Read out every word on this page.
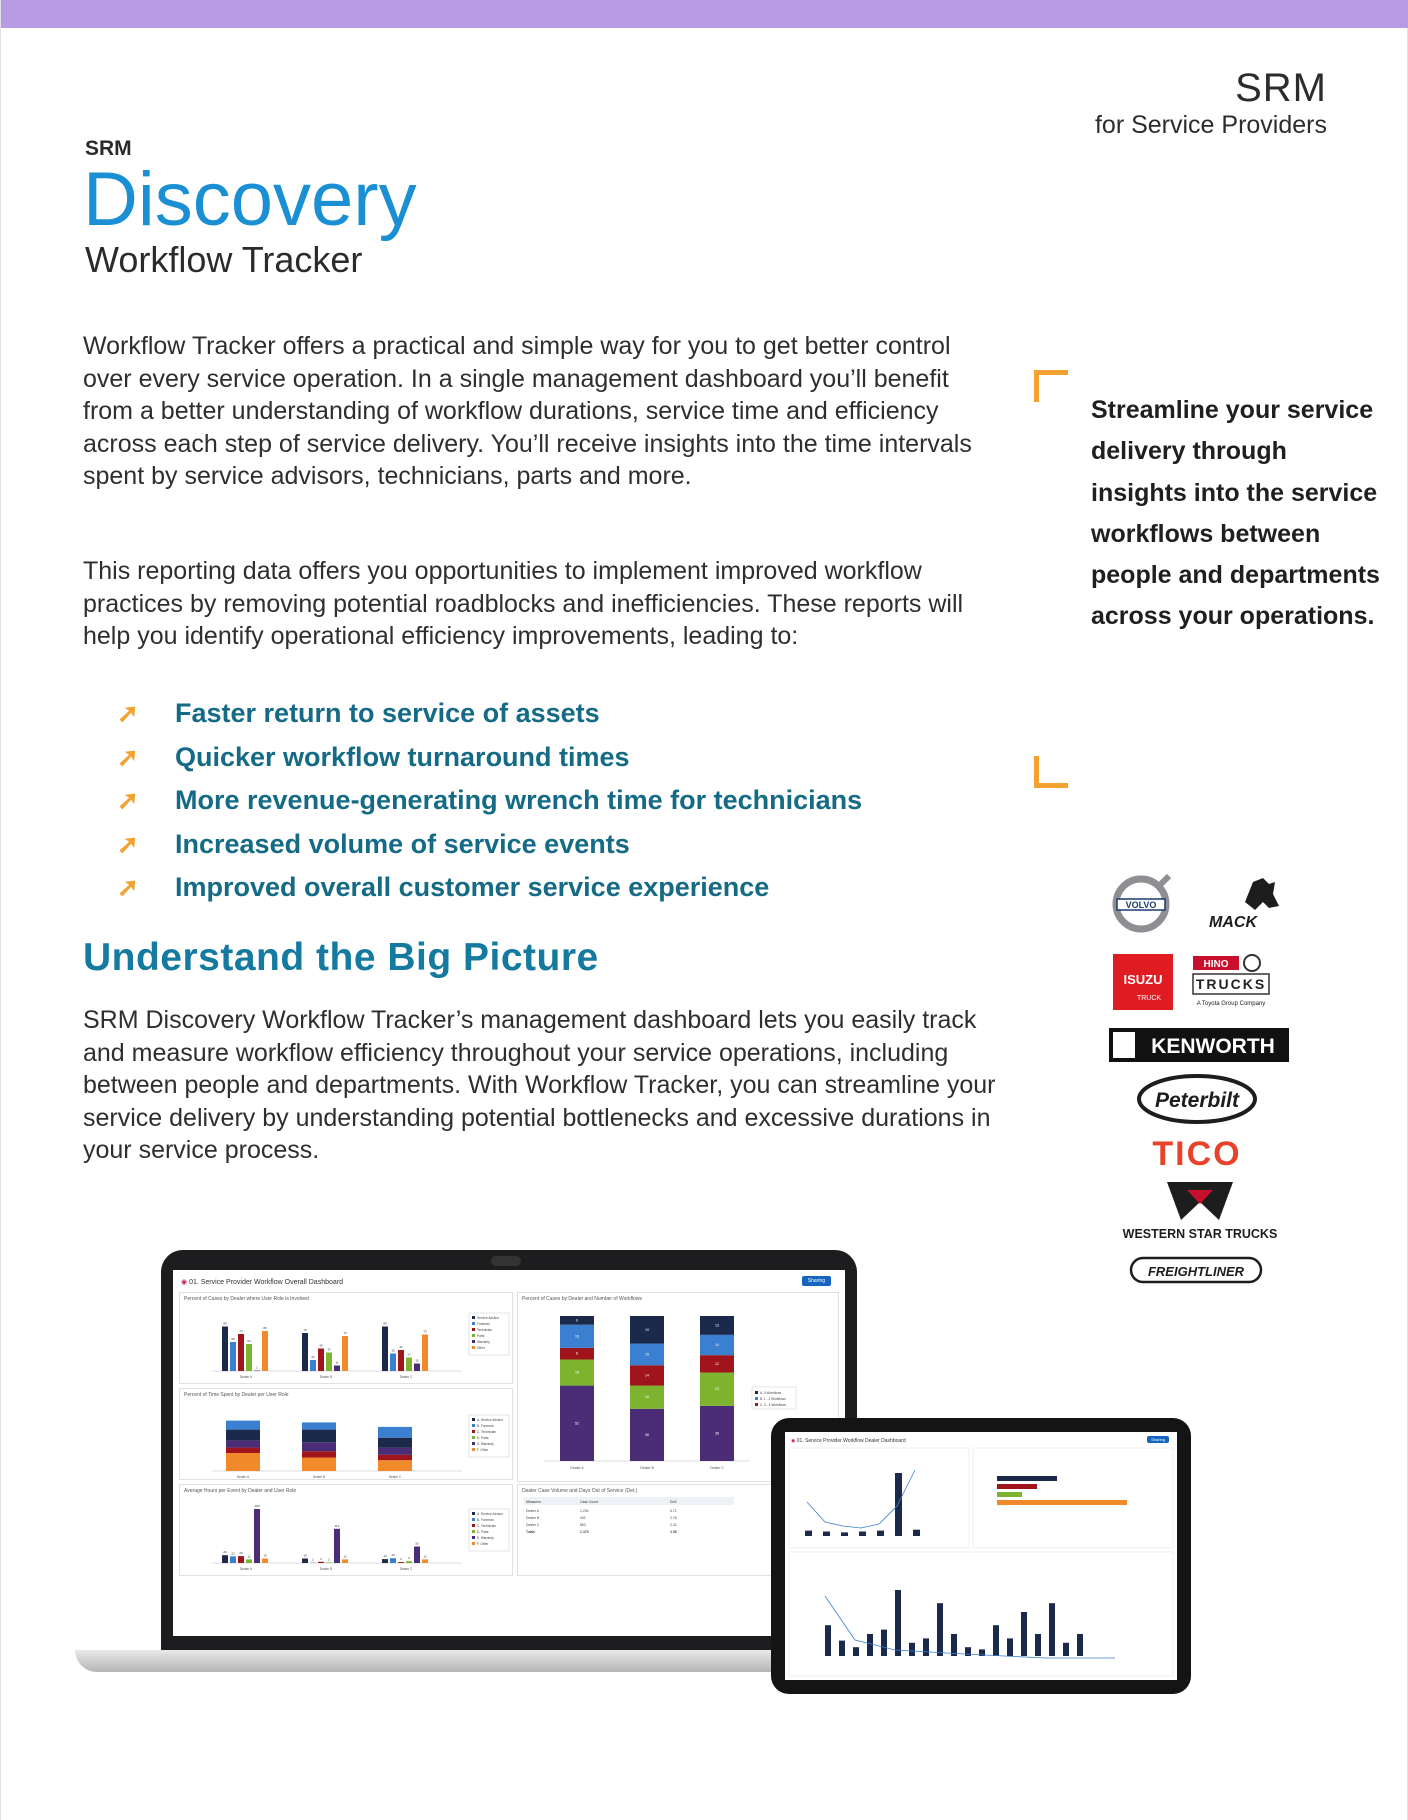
SRM
for Service Providers
SRM
Discovery
Workflow Tracker

Workflow Tracker offers a practical and simple way for you to get better control over every service operation. In a single management dashboard you’ll benefit from a better understanding of workflow durations, service time and efficiency across each step of service delivery. You’ll receive insights into the time intervals spent by service advisors, technicians, parts and more.

This reporting data offers you opportunities to implement improved workflow practices by removing potential roadblocks and inefficiencies. These reports will help you identify operational efficiency improvements, leading to:

➚	Faster return to service of assets
➚	Quicker workflow turnaround times
➚	More revenue-generating wrench time for technicians
➚	Increased volume of service events
➚	Improved overall customer service experience
Understand the Big Picture

SRM Discovery Workflow Tracker’s management dashboard lets you easily track and measure workflow efficiency throughout your service operations, including between people and departments. With Workflow Tracker, you can streamline your service delivery by understanding potential bottlenecks and excessive durations in your service process.

Streamline your service delivery through insights into the service workflows between people and departments across your operations.
VOLVO
MACK
ISUZU
TRUCK
HINO
TRUCKS
A Toyota Group Company
KENWORTH
Peterbilt
TICO
WESTERN STAR TRUCKS
FREIGHTLINER
◉ 01. Service Provider Workflow Overall Dashboard	Sharing
Percent of Cases by Dealer where User Role is Involved
89
58
74
54
1
80
Dealer A
76
22
45
37
11
70
Dealer B
89
35
42
27
15
73
Dealer C
Service Advisor
Foreman
Technician
Parts
Warranty
Other
Percent of Cases by Dealer and Number of Workflows
52
18
8
16
6
Dealer A
36
16
14
15
19
Dealer B
38
23
12
14
13
Dealer C
A. 0 Workflows
B. 1 - 2 Workflows
C. 3 - 4 Workflows
Percent of Time Spent by Dealer per User Role
Dealer A	Dealer B	Dealer C
A. Service Advisor
B. Foreman
C. Technician
D. Parts
E. Warranty
F. Other
Average Hours per Event by Dealer and User Role
26 22 23
12
180
15
Dealer A
15
1 4 2
114
12
Dealer B
13 16
3 6
55
12
Dealer C
A. Service Advisor
B. Foreman
C. Technician
D. Parts
E. Warranty
F. Other
Dealer Case Volume and Days Out of Service (Det.)
Measures	Case Count	DoS
Dealer A	1,234	6.71
Dealer B	342	2.76
Dealer C	863	2.42
Totals	2,478	4.58
◉ 01. Service Provider Workflow Dealer Dashboard	Sharing
